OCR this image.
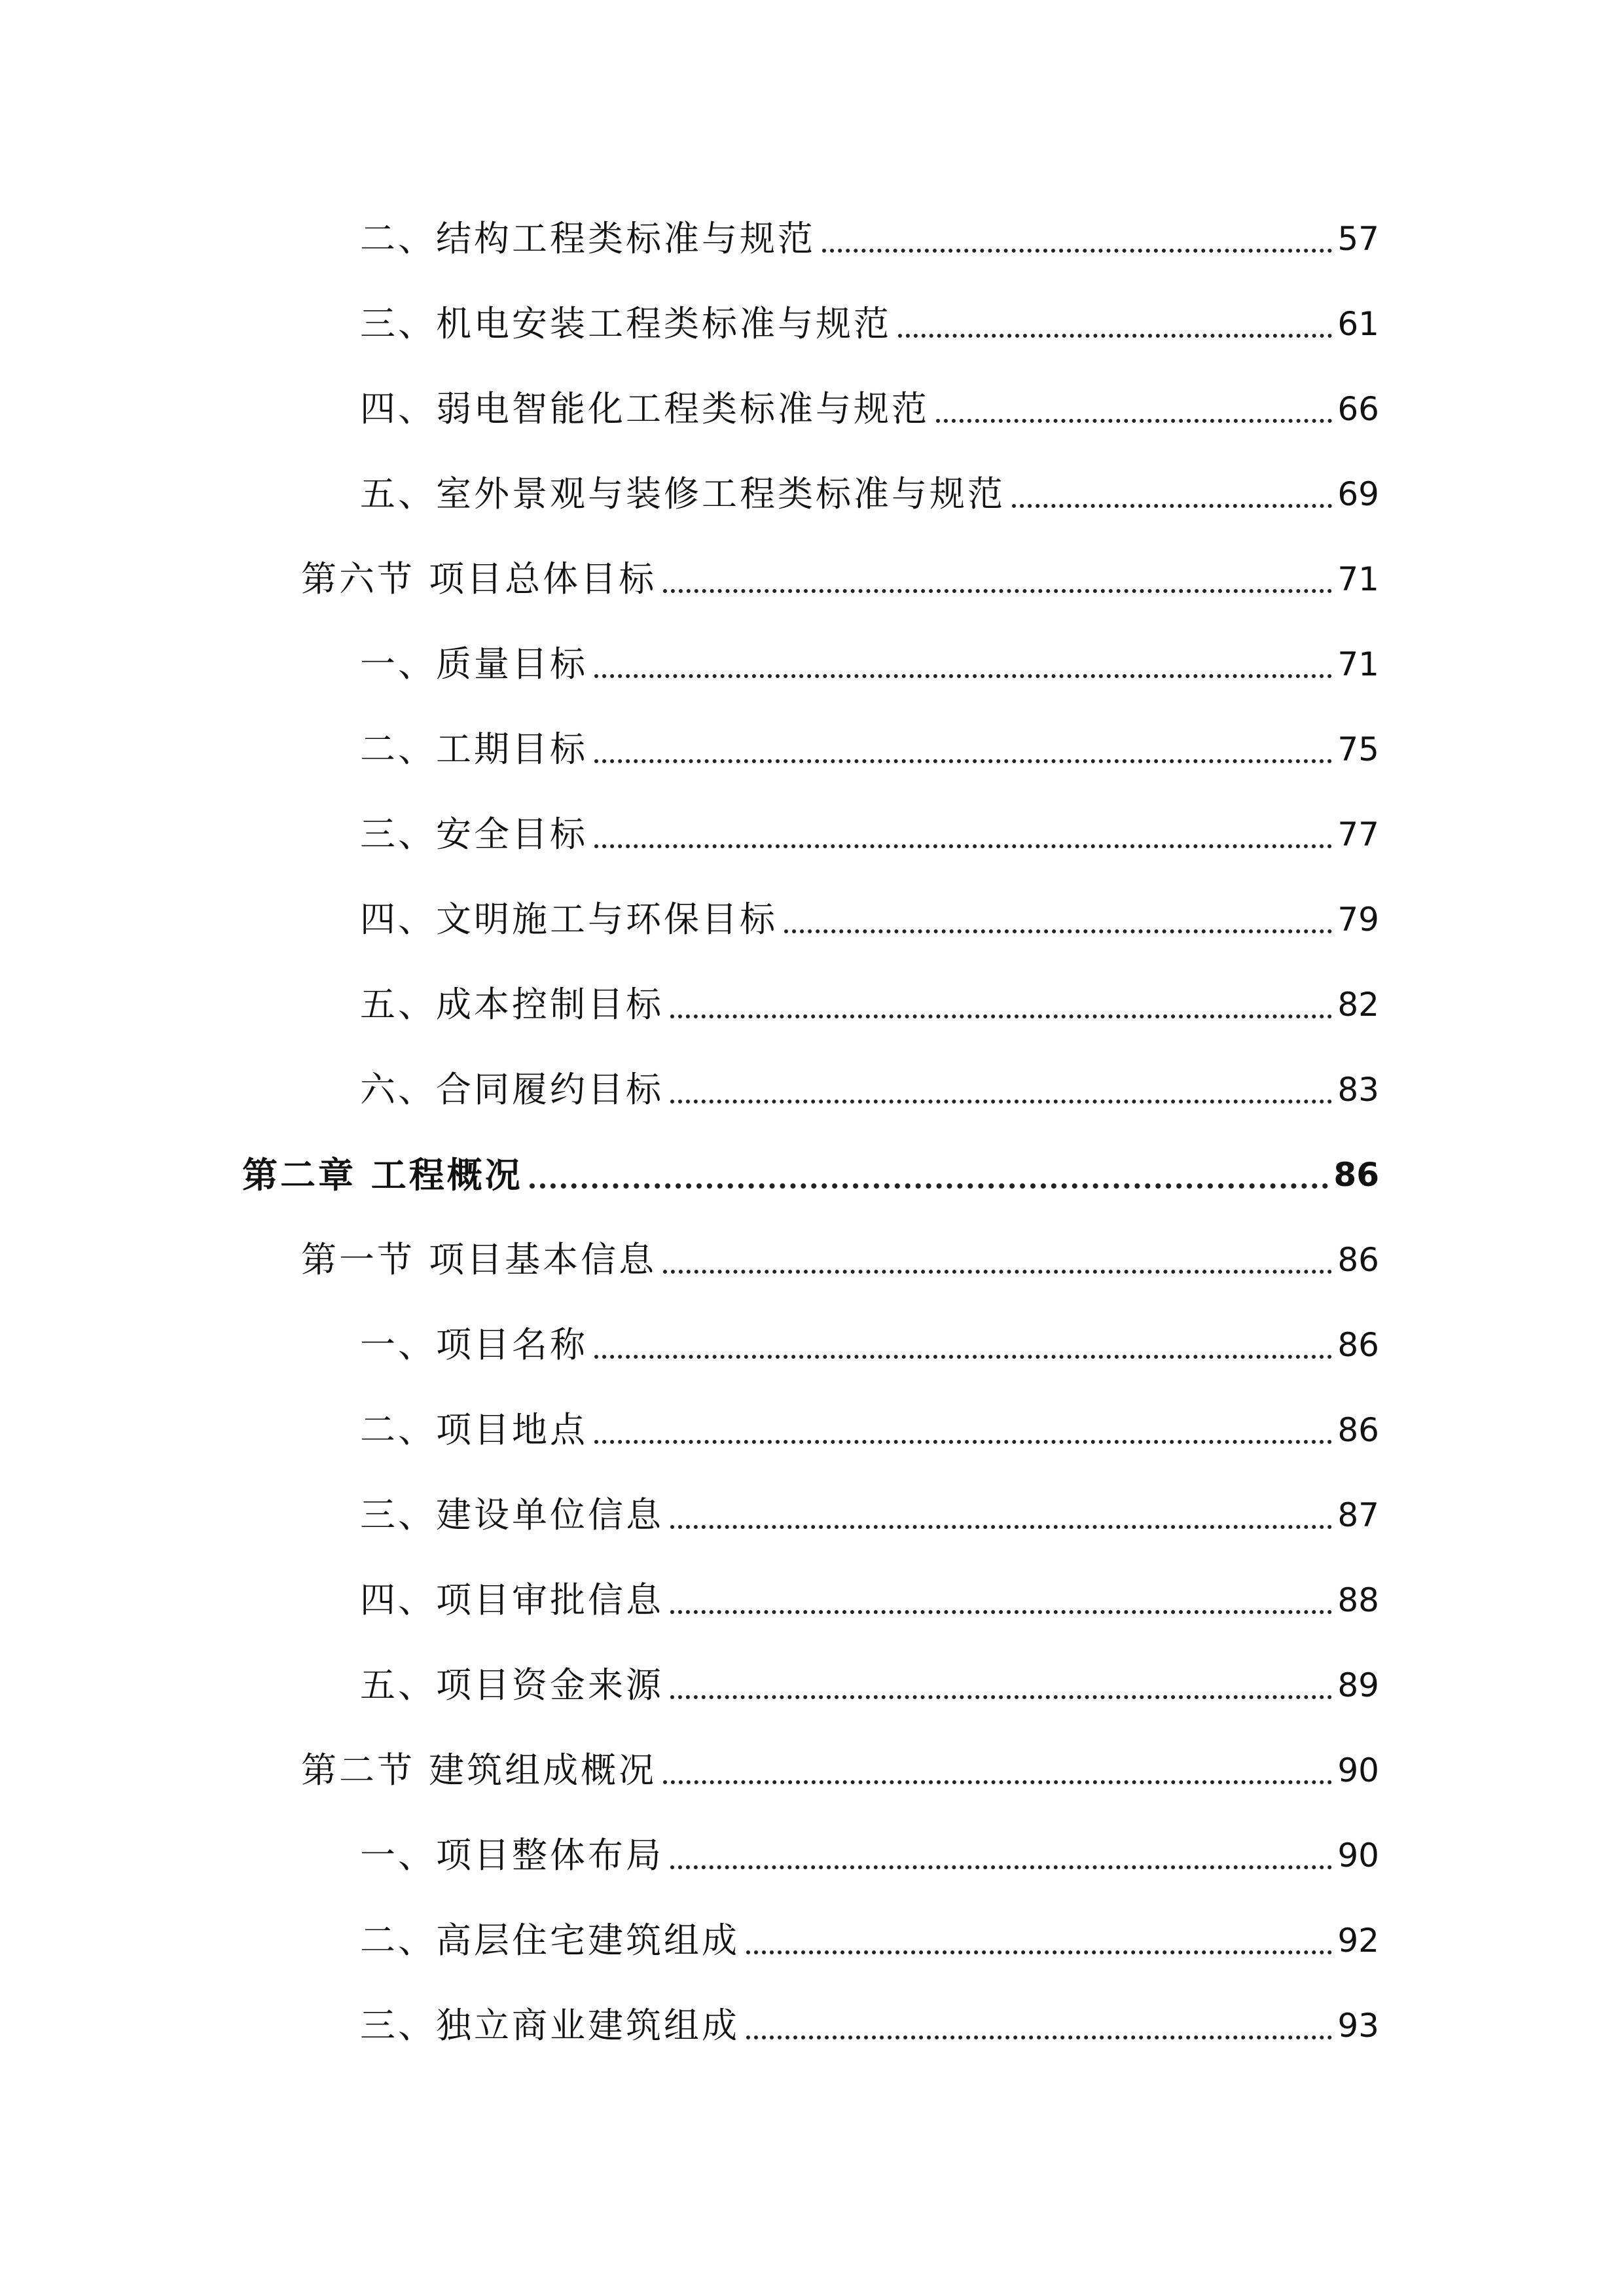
二、结构工程类标准与规范	57
三、机电安装工程类标准与规范	61
四、弱电智能化工程类标准与规范	66
五、室外景观与装修工程类标准与规范	69
第六节 项目总体目标	71
一、质量目标	71
二、工期目标	75
三、安全目标	77
四、文明施工与环保目标	79
五、成本控制目标	82
六、合同履约目标	83
第二章 工程概况	86
第一节 项目基本信息	86
一、项目名称	86
二、项目地点	86
三、建设单位信息	87
四、项目审批信息	88
五、项目资金来源	89
第二节 建筑组成概况	90
一、项目整体布局	90
二、高层住宅建筑组成	92
三、独立商业建筑组成	93
